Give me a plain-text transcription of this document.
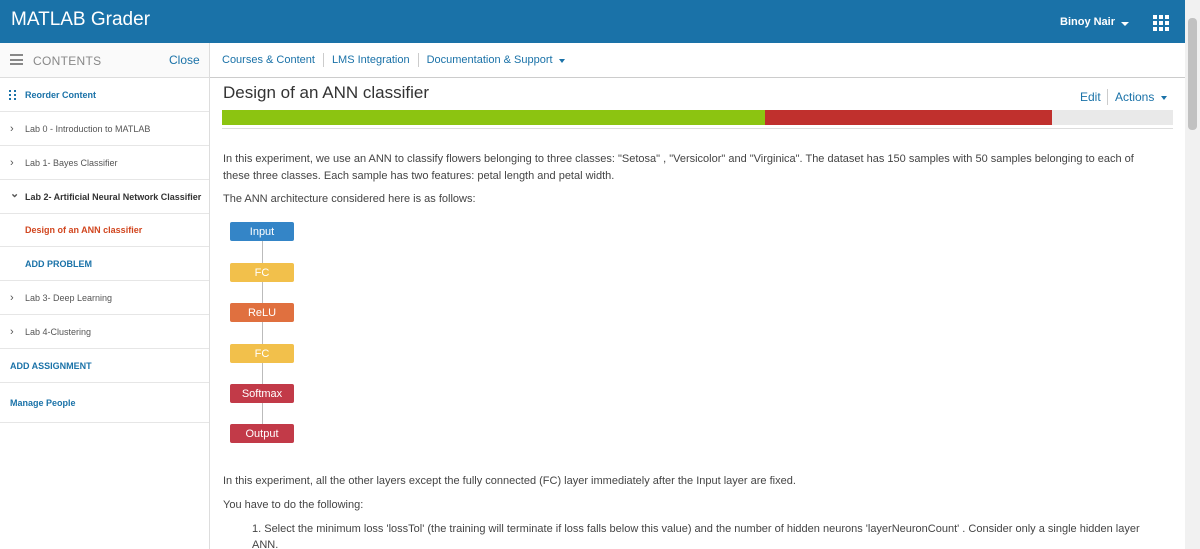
MATLAB Grader	Binoy Nair
CONTENTS	Close
Reorder Content
› Lab 0 - Introduction to MATLAB
› Lab 1- Bayes Classifier
⌄ Lab 2- Artificial Neural Network Classifier
Design of an ANN classifier
ADD PROBLEM
› Lab 3- Deep Learning
› Lab 4-Clustering
ADD ASSIGNMENT
Manage People
Courses & Content LMS Integration Documentation & Support
Design of an ANN classifier	Edit Actions
In this experiment, we use an ANN to classify flowers belonging to three classes: "Setosa" , "Versicolor" and "Virginica". The dataset has 150 samples with 50 samples belonging to each of these three classes. Each sample has two features: petal length and petal width.
The ANN architecture considered here is as follows:
Input
FC
ReLU
FC
Softmax
Output
In this experiment, all the other layers except the fully connected (FC) layer immediately after the Input layer are fixed.
You have to do the following:
1. Select the minimum loss 'lossTol' (the training will terminate if loss falls below this value) and the number of hidden neurons 'layerNeuronCount' . Consider only a single hidden layer ANN.
